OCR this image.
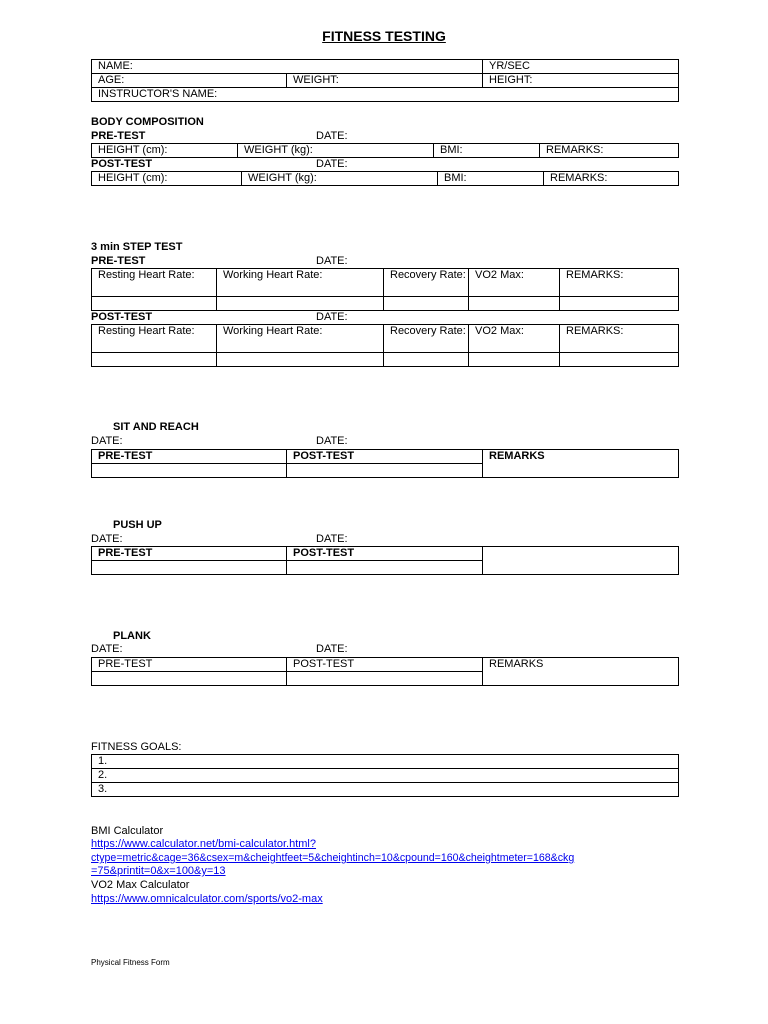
FITNESS TESTING
NAME:		YR/SEC
AGE:	WEIGHT:	HEIGHT:
INSTRUCTOR'S NAME:		
BODY COMPOSITION
PRE-TEST	DATE:
HEIGHT (cm):	WEIGHT (kg):	BMI:	REMARKS:
POST-TEST	DATE:
HEIGHT (cm):	WEIGHT (kg):	BMI:	REMARKS:
3 min STEP TEST
PRE-TEST	DATE:
Resting Heart Rate:	Working Heart Rate:	Recovery Rate:	VO2 Max:	REMARKS:

POST-TEST	DATE:
Resting Heart Rate:	Working Heart Rate:	Recovery Rate:	VO2 Max:	REMARKS:

SIT AND REACH
DATE:	DATE:
PRE-TEST	POST-TEST	REMARKS

PUSH UP
DATE:	DATE:
PRE-TEST	POST-TEST	

PLANK
DATE:	DATE:
PRE-TEST	POST-TEST	REMARKS

FITNESS GOALS:
1.
2.
3.
BMI Calculator
https://www.calculator.net/bmi-calculator.html?
ctype=metric&cage=36&csex=m&cheightfeet=5&cheightinch=10&cpound=160&cheightmeter=168&ckg
=75&printit=0&x=100&y=13
VO2 Max Calculator
https://www.omnicalculator.com/sports/vo2-max
Physical Fitness Form
